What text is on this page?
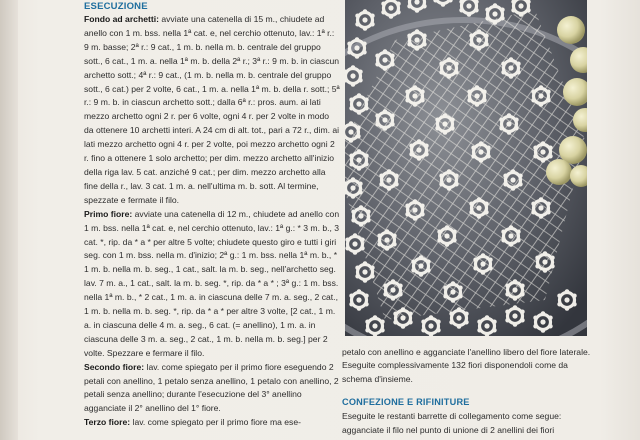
ESECUZIONE

Fondo ad archetti: avviate una catenella di 15 m., chiudete ad anello con 1 m. bss. nella 1ª cat. e, nel cerchio ottenuto, lav.: 1ª r.: 9 m. basse; 2ª r.: 9 cat., 1 m. b. nella m. b. centrale del gruppo sott., 6 cat., 1 m. a. nella 1ª m. b. della 2ª r.; 3ª r.: 9 m. b. in ciascun archetto sott.; 4ª r.: 9 cat., (1 m. b. nella m. b. centrale del gruppo sott., 6 cat.) per 2 volte, 6 cat., 1 m. a. nella 1ª m. b. della r. sott.; 5ª r.: 9 m. b. in ciascun archetto sott.; dalla 6ª r.: pros. aum. ai lati mezzo archetto ogni 2 r. per 6 volte, ogni 4 r. per 2 volte in modo da ottenere 10 archetti interi. A 24 cm di alt. tot., pari a 72 r., dim. ai lati mezzo archetto ogni 4 r. per 2 volte, poi mezzo archetto ogni 2 r. fino a ottenere 1 solo archetto; per dim. mezzo archetto all'inizio della riga lav. 5 cat. anziché 9 cat.; per dim. mezzo archetto alla fine della r., lav. 3 cat. 1 m. a. nell'ultima m. b. sott. Al termine, spezzate e fermate il filo.

Primo fiore: avviate una catenella di 12 m., chiudete ad anello con 1 m. bss. nella 1ª cat. e, nel cerchio ottenuto, lav.: 1ª g.: * 3 m. b., 3 cat. *, rip. da * a * per altre 5 volte; chiudete questo giro e tutti i giri seg. con 1 m. bss. nella m. d'inizio; 2ª g.: 1 m. bss. nella 1ª m. b., * 1 m. b. nella m. b. seg., 1 cat., salt. la m. b. seg., nell'archetto seg. lav. 7 m. a., 1 cat., salt. la m. b. seg. *, rip. da * a * ; 3ª g.: 1 m. bss. nella 1ª m. b., * 2 cat., 1 m. a. in ciascuna delle 7 m. a. seg., 2 cat., 1 m. b. nella m. b. seg. *, rip. da * a * per altre 3 volte, [2 cat., 1 m. a. in ciascuna delle 4 m. a. seg., 6 cat. (= anellino), 1 m. a. in ciascuna delle 3 m. a. seg., 2 cat., 1 m. b. nella m. b. seg.] per 2 volte. Spezzare e fermare il filo.

Secondo fiore: lav. come spiegato per il primo fiore eseguendo 2 petali con anellino, 1 petalo senza anellino, 1 petalo con anellino, 2 petali senza anellino; durante l'esecuzione del 3° anellino agganciate il 2° anellino del 1° fiore.

Terzo fiore: lav. come spiegato per il primo fiore ma ese-

petalo con anellino e agganciate l'anellino libero del fiore laterale. Eseguite complessivamente 132 fiori disponendoli come da schema d'insieme.

CONFEZIONE E RIFINITURE

Eseguite le restanti barrette di collegamento come segue: agganciate il filo nel punto di unione di 2 anellini dei fiori
